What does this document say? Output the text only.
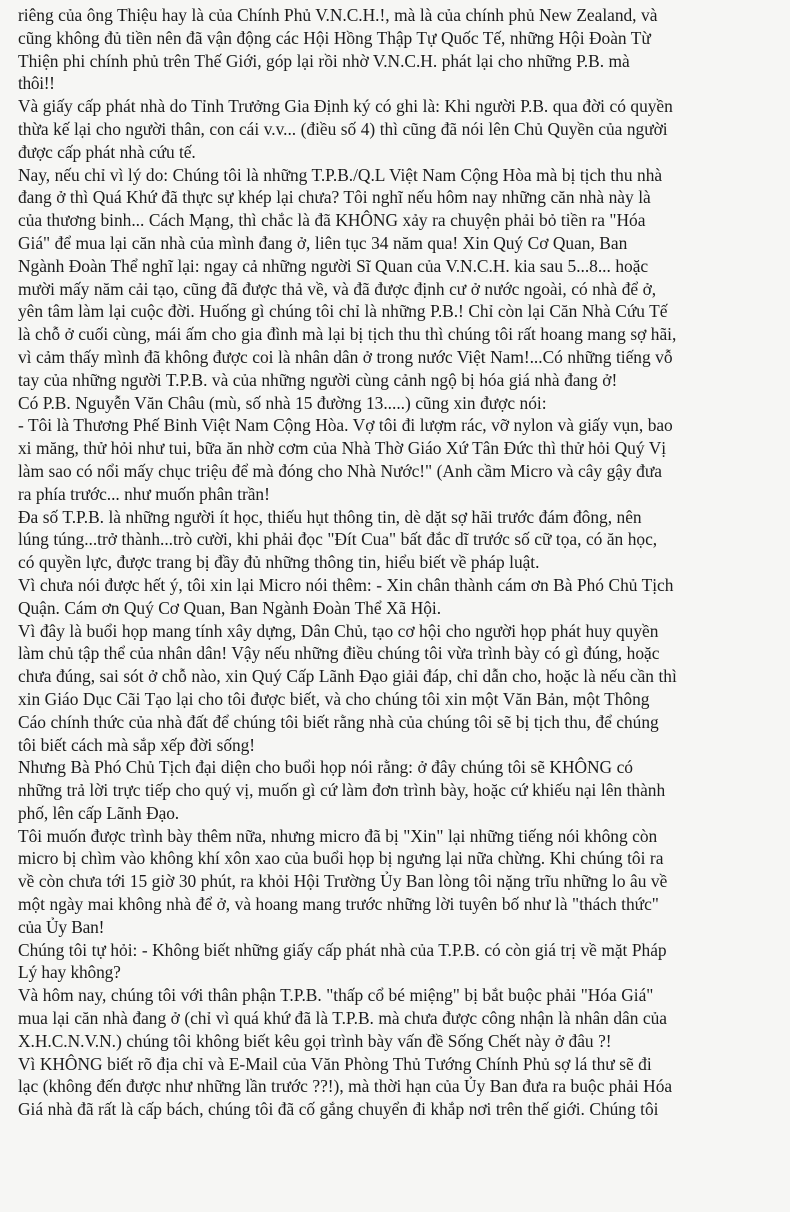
riêng của ông Thiệu hay là của Chính Phủ V.N.C.H.!, mà là của chính phủ New Zealand, và
cũng không đủ tiền nên đã vận động các Hội Hồng Thập Tự Quốc Tế, những Hội Đoàn Từ
Thiện phi chính phủ trên Thế Giới, góp lại rồi nhờ V.N.C.H. phát lại cho những P.B. mà
thôi!!
Và giấy cấp phát nhà do Tỉnh Trưởng Gia Định ký có ghi là: Khi người P.B. qua đời có quyền
thừa kế lại cho người thân, con cái v.v... (điều số 4) thì cũng đã nói lên Chủ Quyền của người
được cấp phát nhà cứu tế.
Nay, nếu chỉ vì lý do: Chúng tôi là những T.P.B./Q.L Việt Nam Cộng Hòa mà bị tịch thu nhà
đang ở thì Quá Khứ đã thực sự khép lại chưa? Tôi nghĩ nếu hôm nay những căn nhà này là
của thương binh... Cách Mạng, thì chắc là đã KHÔNG xảy ra chuyện phải bỏ tiền ra "Hóa
Giá" để mua lại căn nhà của mình đang ở, liên tục 34 năm qua! Xin Quý Cơ Quan, Ban
Ngành Đoàn Thể nghĩ lại: ngay cả những người Sĩ Quan của V.N.C.H. kia sau 5...8... hoặc
mười mấy năm cải tạo, cũng đã được thả về, và đã được định cư ở nước ngoài, có nhà để ở,
yên tâm làm lại cuộc đời. Huống gì chúng tôi chỉ là những P.B.! Chỉ còn lại Căn Nhà Cứu Tế
là chỗ ở cuối cùng, mái ấm cho gia đình mà lại bị tịch thu thì chúng tôi rất hoang mang sợ hãi,
vì cảm thấy mình đã không được coi là nhân dân ở trong nước Việt Nam!...Có những tiếng vỗ
tay của những người T.P.B. và của những người cùng cảnh ngộ bị hóa giá nhà đang ở!
Có P.B. Nguyễn Văn Châu (mù, số nhà 15 đường 13.....) cũng xin được nói:
- Tôi là Thương Phế Binh Việt Nam Cộng Hòa. Vợ tôi đi lượm rác, vỡ nylon và giấy vụn, bao
xi măng, thử hỏi như tui, bữa ăn nhờ cơm của Nhà Thờ Giáo Xứ Tân Đức thì thử hỏi Quý Vị
làm sao có nổi mấy chục triệu để mà đóng cho Nhà Nước!" (Anh cầm Micro và cây gậy đưa
ra phía trước... như muốn phân trần!
Đa số T.P.B. là những người ít học, thiếu hụt thông tin, dè dặt sợ hãi trước đám đông, nên
lúng túng...trở thành...trò cười, khi phải đọc "Đít Cua" bất đắc dĩ trước số cữ tọa, có ăn học,
có quyền lực, được trang bị đầy đủ những thông tin, hiểu biết về pháp luật.
Vì chưa nói được hết ý, tôi xin lại Micro nói thêm: - Xin chân thành cám ơn Bà Phó Chủ Tịch
Quận. Cám ơn Quý Cơ Quan, Ban Ngành Đoàn Thể Xã Hội.
Vì đây là buổi họp mang tính xây dựng, Dân Chủ, tạo cơ hội cho người họp phát huy quyền
làm chủ tập thể của nhân dân! Vậy nếu những điều chúng tôi vừa trình bày có gì đúng, hoặc
chưa đúng, sai sót ở chỗ nào, xin Quý Cấp Lãnh Đạo giải đáp, chỉ dẫn cho, hoặc là nếu cần thì
xin Giáo Dục Cãi Tạo lại cho tôi được biết, và cho chúng tôi xin một Văn Bản, một Thông
Cáo chính thức của nhà đất để chúng tôi biết rằng nhà của chúng tôi sẽ bị tịch thu, để chúng
tôi biết cách mà sắp xếp đời sống!
Nhưng Bà Phó Chủ Tịch đại diện cho buổi họp nói rằng: ở đây chúng tôi sẽ KHÔNG có
những trả lời trực tiếp cho quý vị, muốn gì cứ làm đơn trình bày, hoặc cứ khiếu nại lên thành
phố, lên cấp Lãnh Đạo.
Tôi muốn được trình bày thêm nữa, nhưng micro đã bị "Xin" lại những tiếng nói không còn
micro bị chìm vào không khí xôn xao của buổi họp bị ngưng lại nữa chừng. Khi chúng tôi ra
về còn chưa tới 15 giờ 30 phút, ra khỏi Hội Trường Ủy Ban lòng tôi nặng trĩu những lo âu về
một ngày mai không nhà để ở, và hoang mang trước những lời tuyên bố như là "thách thức"
của Ủy Ban!
Chúng tôi tự hỏi: - Không biết những giấy cấp phát nhà của T.P.B. có còn giá trị về mặt Pháp
Lý hay không?
Và hôm nay, chúng tôi với thân phận T.P.B. "thấp cổ bé miệng" bị bắt buộc phải "Hóa Giá"
mua lại căn nhà đang ở (chỉ vì quá khứ đã là T.P.B. mà chưa được công nhận là nhân dân của
X.H.C.N.V.N.) chúng tôi không biết kêu gọi trình bày vấn đề Sống Chết này ở đâu ?!
Vì KHÔNG biết rõ địa chỉ và E-Mail của Văn Phòng Thủ Tướng Chính Phủ sợ lá thư sẽ đi
lạc (không đến được như những lần trước ??!), mà thời hạn của Ủy Ban đưa ra buộc phải Hóa
Giá nhà đã rất là cấp bách, chúng tôi đã cố gắng chuyển đi khắp nơi trên thế giới. Chúng tôi
